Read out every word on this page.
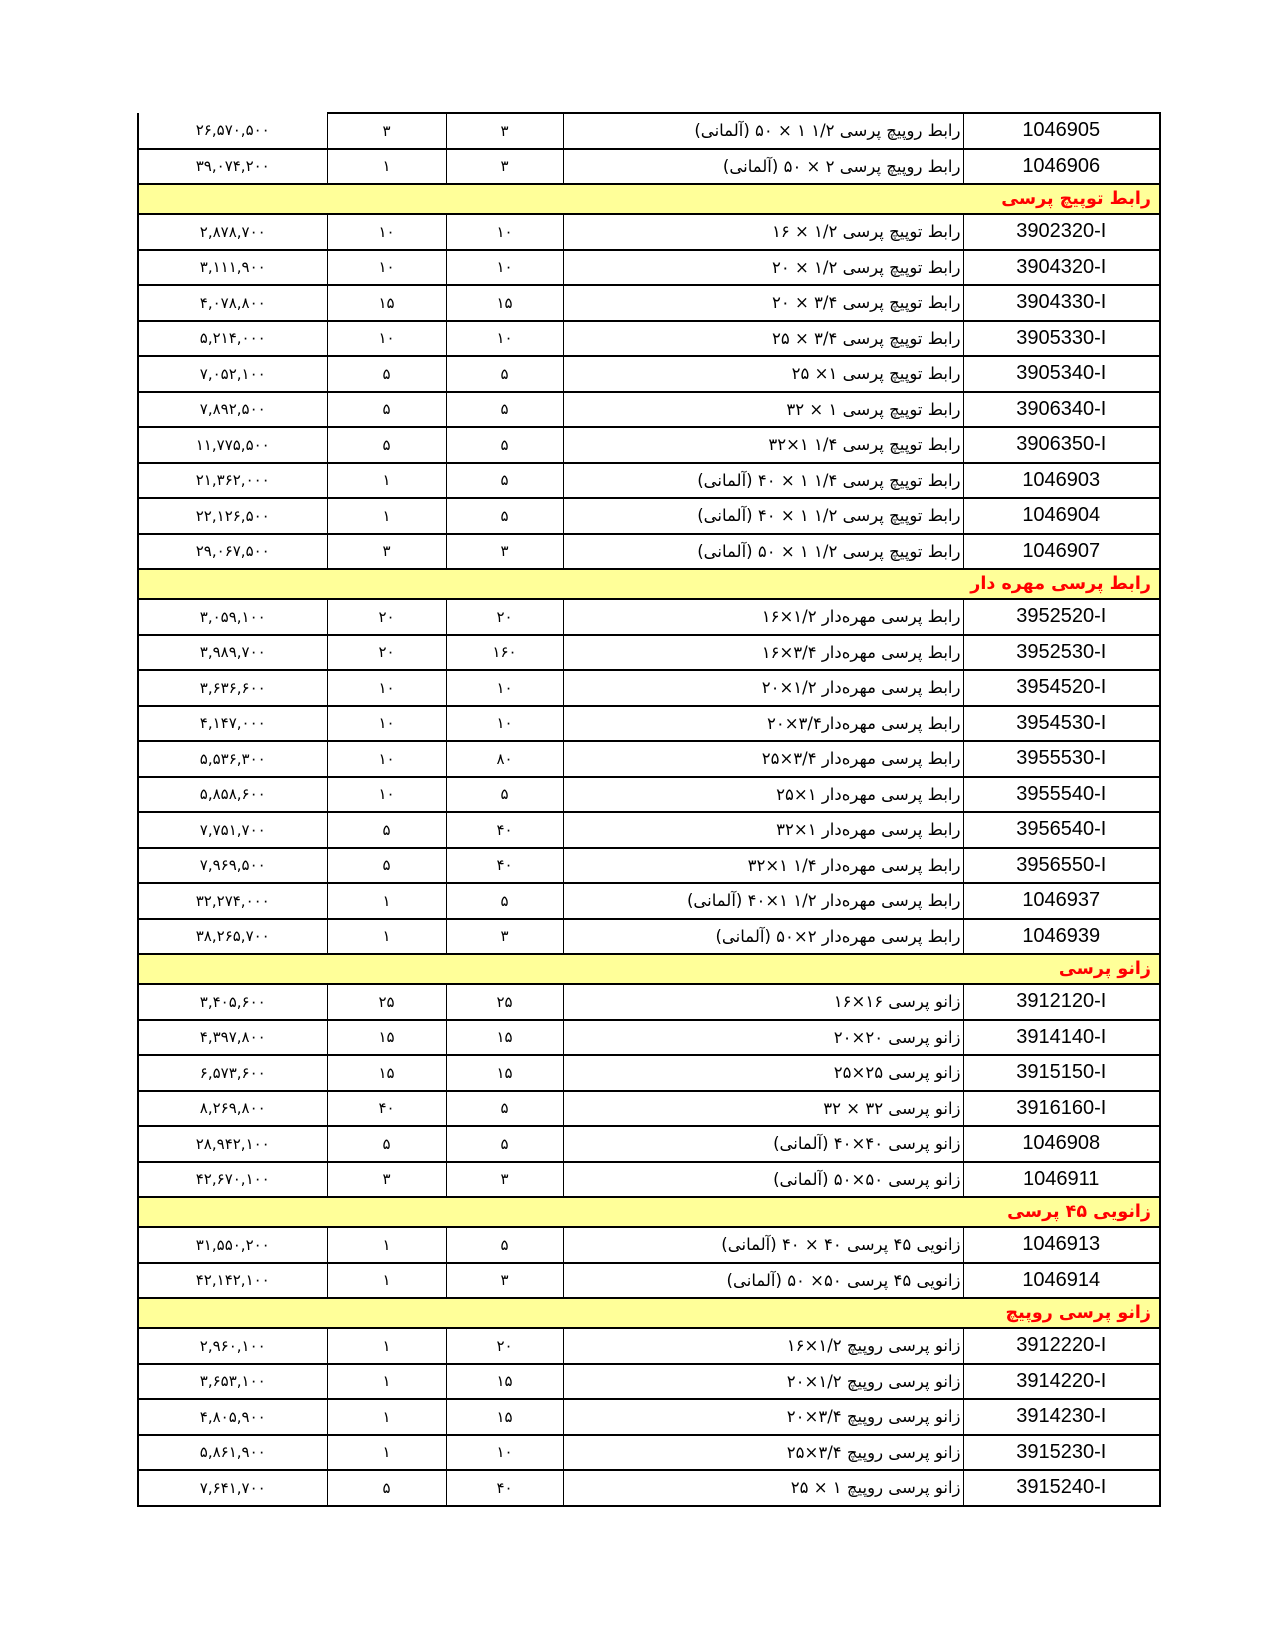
1046905	رابط روپیچ پرسی ۱/۲ ۱ × ۵۰ (آلمانی)	۳	۳	۲۶,۵۷۰,۵۰۰
1046906	رابط روپیچ پرسی ۲ × ۵۰ (آلمانی)	۳	۱	۳۹,۰۷۴,۲۰۰
رابط توپیچ پرسی				
3902320-I	رابط توپیچ پرسی ۱/۲ × ۱۶	۱۰	۱۰	۲,۸۷۸,۷۰۰
3904320-I	رابط توپیچ پرسی ۱/۲ × ۲۰	۱۰	۱۰	۳,۱۱۱,۹۰۰
3904330-I	رابط توپیچ پرسی ۳/۴ × ۲۰	۱۵	۱۵	۴,۰۷۸,۸۰۰
3905330-I	رابط توپیچ پرسی ۳/۴ × ۲۵	۱۰	۱۰	۵,۲۱۴,۰۰۰
3905340-I	رابط توپیچ پرسی ۱× ۲۵	۵	۵	۷,۰۵۲,۱۰۰
3906340-I	رابط توپیچ پرسی ۱ × ۳۲	۵	۵	۷,۸۹۲,۵۰۰
3906350-I	رابط توپیچ پرسی ۱/۴ ۱×۳۲	۵	۵	۱۱,۷۷۵,۵۰۰
1046903	رابط توپیچ پرسی ۱/۴ ۱ × ۴۰ (آلمانی)	۵	۱	۲۱,۳۶۲,۰۰۰
1046904	رابط توپیچ پرسی ۱/۲ ۱ × ۴۰ (آلمانی)	۵	۱	۲۲,۱۲۶,۵۰۰
1046907	رابط توپیچ پرسی ۱/۲ ۱ × ۵۰ (آلمانی)	۳	۳	۲۹,۰۶۷,۵۰۰
رابط پرسی مهره دار				
3952520-I	رابط پرسی مهره‌دار ۱/۲×۱۶	۲۰	۲۰	۳,۰۵۹,۱۰۰
3952530-I	رابط پرسی مهره‌دار ۳/۴×۱۶	۱۶۰	۲۰	۳,۹۸۹,۷۰۰
3954520-I	رابط پرسی مهره‌دار ۱/۲×۲۰	۱۰	۱۰	۳,۶۳۶,۶۰۰
3954530-I	رابط پرسی مهره‌دار۳/۴×۲۰	۱۰	۱۰	۴,۱۴۷,۰۰۰
3955530-I	رابط پرسی مهره‌دار ۳/۴×۲۵	۸۰	۱۰	۵,۵۳۶,۳۰۰
3955540-I	رابط پرسی مهره‌دار ۱×۲۵	۵	۱۰	۵,۸۵۸,۶۰۰
3956540-I	رابط پرسی مهره‌دار ۱×۳۲	۴۰	۵	۷,۷۵۱,۷۰۰
3956550-I	رابط پرسی مهره‌دار ۱/۴ ۱×۳۲	۴۰	۵	۷,۹۶۹,۵۰۰
1046937	رابط پرسی مهره‌دار ۱/۲ ۱×۴۰ (آلمانی)	۵	۱	۳۲,۲۷۴,۰۰۰
1046939	رابط پرسی مهره‌دار ۲×۵۰ (آلمانی)	۳	۱	۳۸,۲۶۵,۷۰۰
زانو پرسی				
3912120-I	زانو پرسی ۱۶×۱۶	۲۵	۲۵	۳,۴۰۵,۶۰۰
3914140-I	زانو پرسی ۲۰×۲۰	۱۵	۱۵	۴,۳۹۷,۸۰۰
3915150-I	زانو پرسی ۲۵×۲۵	۱۵	۱۵	۶,۵۷۳,۶۰۰
3916160-I	زانو پرسی ۳۲ × ۳۲	۵	۴۰	۸,۲۶۹,۸۰۰
1046908	زانو پرسی ۴۰×۴۰ (آلمانی)	۵	۵	۲۸,۹۴۲,۱۰۰
1046911	زانو پرسی ۵۰×۵۰ (آلمانی)	۳	۳	۴۲,۶۷۰,۱۰۰
زانویی ۴۵ پرسی				
1046913	زانویی ۴۵ پرسی ۴۰ × ۴۰ (آلمانی)	۵	۱	۳۱,۵۵۰,۲۰۰
1046914	زانویی ۴۵ پرسی ۵۰× ۵۰ (آلمانی)	۳	۱	۴۲,۱۴۲,۱۰۰
زانو پرسی روپیچ				
3912220-I	زانو پرسی روپیچ ۱/۲×۱۶	۲۰	۱	۲,۹۶۰,۱۰۰
3914220-I	زانو پرسی روپیچ ۱/۲×۲۰	۱۵	۱	۳,۶۵۳,۱۰۰
3914230-I	زانو پرسی روپیچ ۳/۴×۲۰	۱۵	۱	۴,۸۰۵,۹۰۰
3915230-I	زانو پرسی روپیچ ۳/۴×۲۵	۱۰	۱	۵,۸۶۱,۹۰۰
3915240-I	زانو پرسی روپیچ ۱ × ۲۵	۴۰	۵	۷,۶۴۱,۷۰۰
